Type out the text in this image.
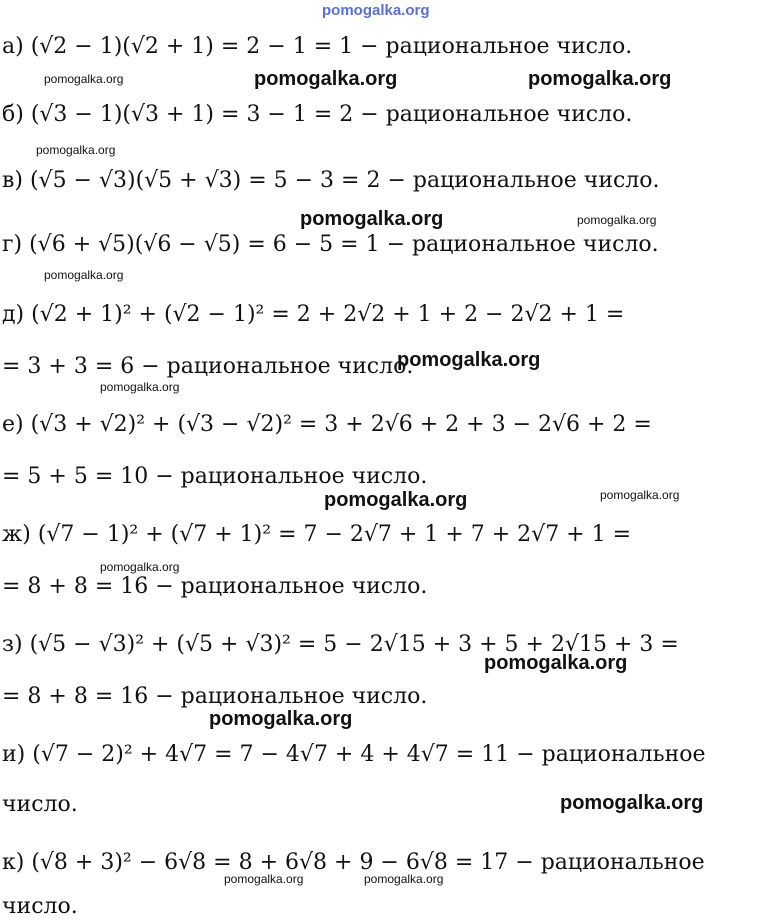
pomogalka.org
а) (√2 − 1)(√2 + 1) = 2 − 1 = 1 − рациональное число.
б) (√3 − 1)(√3 + 1) = 3 − 1 = 2 − рациональное число.
в) (√5 − √3)(√5 + √3) = 5 − 3 = 2 − рациональное число.
г) (√6 + √5)(√6 − √5) = 6 − 5 = 1 − рациональное число.
д) (√2 + 1)² + (√2 − 1)² = 2 + 2√2 + 1 + 2 − 2√2 + 1 =
= 3 + 3 = 6 − рациональное число.
е) (√3 + √2)² + (√3 − √2)² = 3 + 2√6 + 2 + 3 − 2√6 + 2 =
= 5 + 5 = 10 − рациональное число.
ж) (√7 − 1)² + (√7 + 1)² = 7 − 2√7 + 1 + 7 + 2√7 + 1 =
= 8 + 8 = 16 − рациональное число.
з) (√5 − √3)² + (√5 + √3)² = 5 − 2√15 + 3 + 5 + 2√15 + 3 =
= 8 + 8 = 16 − рациональное число.
и) (√7 − 2)² + 4√7 = 7 − 4√7 + 4 + 4√7 = 11 − рациональное
число.
к) (√8 + 3)² − 6√8 = 8 + 6√8 + 9 − 6√8 = 17 − рациональное
число.
pomogalka.org	pomogalka.org	pomogalka.org
pomogalka.org
pomogalka.org	pomogalka.org
pomogalka.org
pomogalka.org
pomogalka.org
pomogalka.org	pomogalka.org
pomogalka.org
pomogalka.org
pomogalka.org
pomogalka.org
pomogalka.org	pomogalka.org
